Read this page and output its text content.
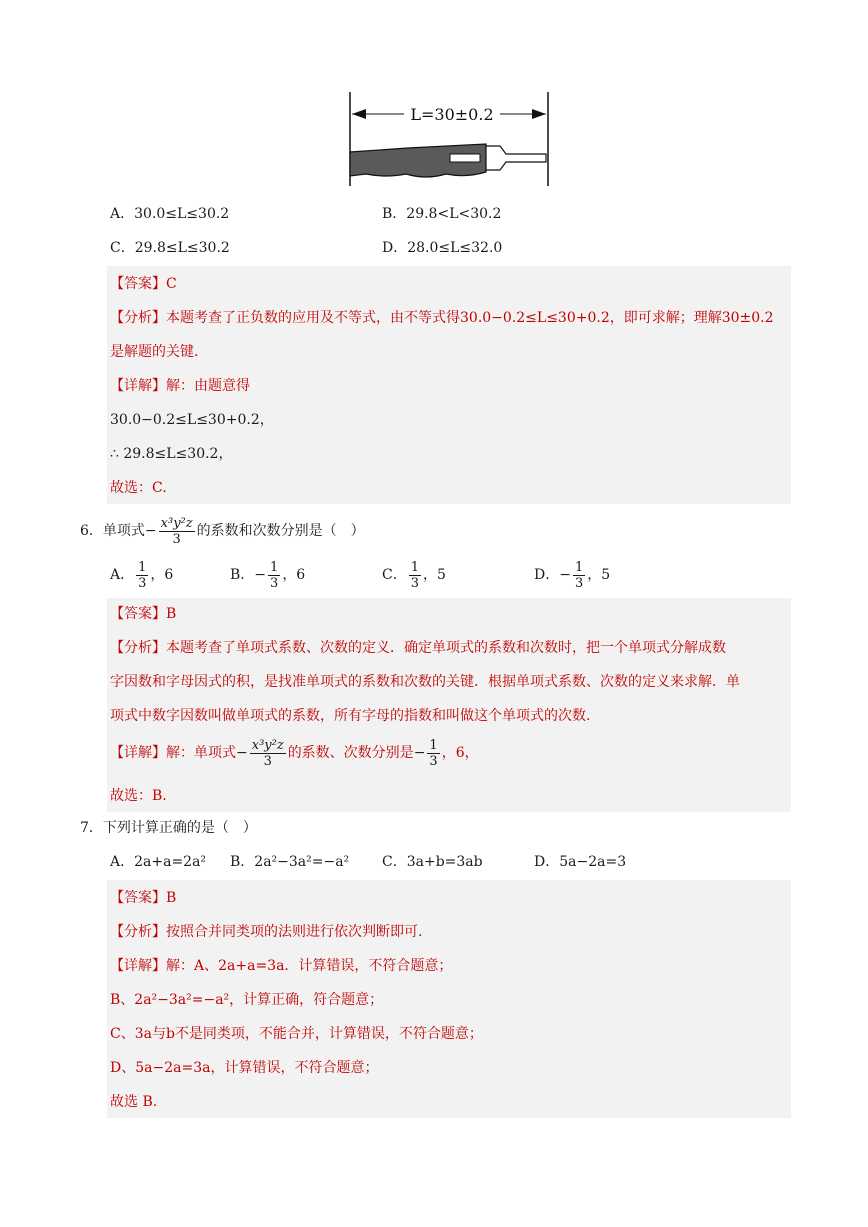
L=30±0.2
A．30.0≤L≤30.2	B．29.8<L<30.2
C．29.8≤L≤30.2	D．28.0≤L≤32.0
【答案】C
【分析】本题考查了正负数的应用及不等式，由不等式得30.0−0.2≤L≤30+0.2，即可求解；理解30±0.2
是解题的关键.
【详解】解：由题意得
30.0−0.2≤L≤30+0.2，
∴ 29.8≤L≤30.2，
故选：C.
6．单项式− $\frac{\text{x³y²z}}{3}$ 的系数和次数分别是（　）
A． $\frac{1}{3}$ ，6	B．− $\frac{1}{3}$ ，6	C． $\frac{1}{3}$ ，5	D．− $\frac{1}{3}$ ，5
【答案】B
【分析】本题考查了单项式系数、次数的定义．确定单项式的系数和次数时，把一个单项式分解成数
字因数和字母因式的积，是找准单项式的系数和次数的关键．根据单项式系数、次数的定义来求解．单
项式中数字因数叫做单项式的系数，所有字母的指数和叫做这个单项式的次数.
【详解】解：单项式− $\frac{\text{x³y²z}}{3}$ 的系数、次数分别是− $\frac{1}{3}$ ，6，
故选：B.
7．下列计算正确的是（　）
A．2a+a=2a² B．2a²−3a²=−a² C．3a+b=3ab	D．5a−2a=3
【答案】B
【分析】按照合并同类项的法则进行依次判断即可.
【详解】解：A、2a+a=3a．计算错误，不符合题意；
B、2a²−3a²=−a²，计算正确，符合题意；
C、3a与b不是同类项，不能合并，计算错误，不符合题意；
D、5a−2a=3a，计算错误，不符合题意；
故选 B.
